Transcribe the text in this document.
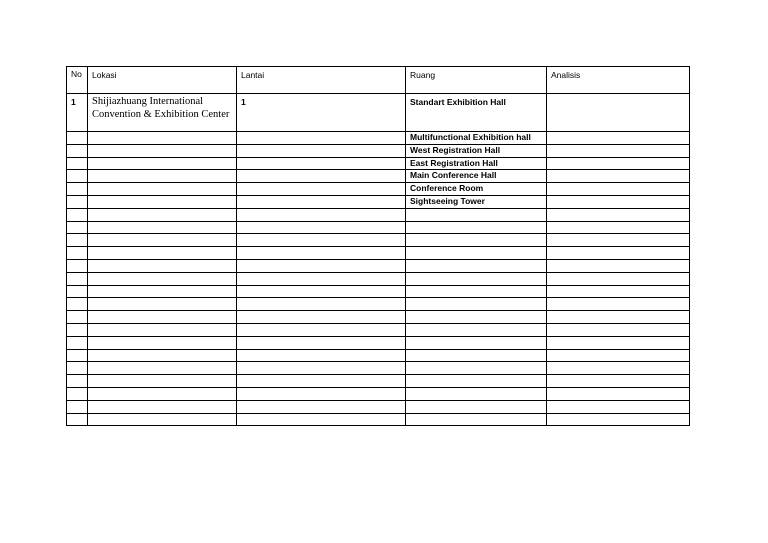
No	Lokasi	Lantai	Ruang	Analisis
1	Shijiazhuang International Convention & Exhibition Center	1	Standart Exhibition Hall	
			Multifunctional Exhibition hall	
			West Registration Hall	
			East Registration Hall	
			Main Conference Hall	
			Conference Room	
			Sightseeing Tower	
